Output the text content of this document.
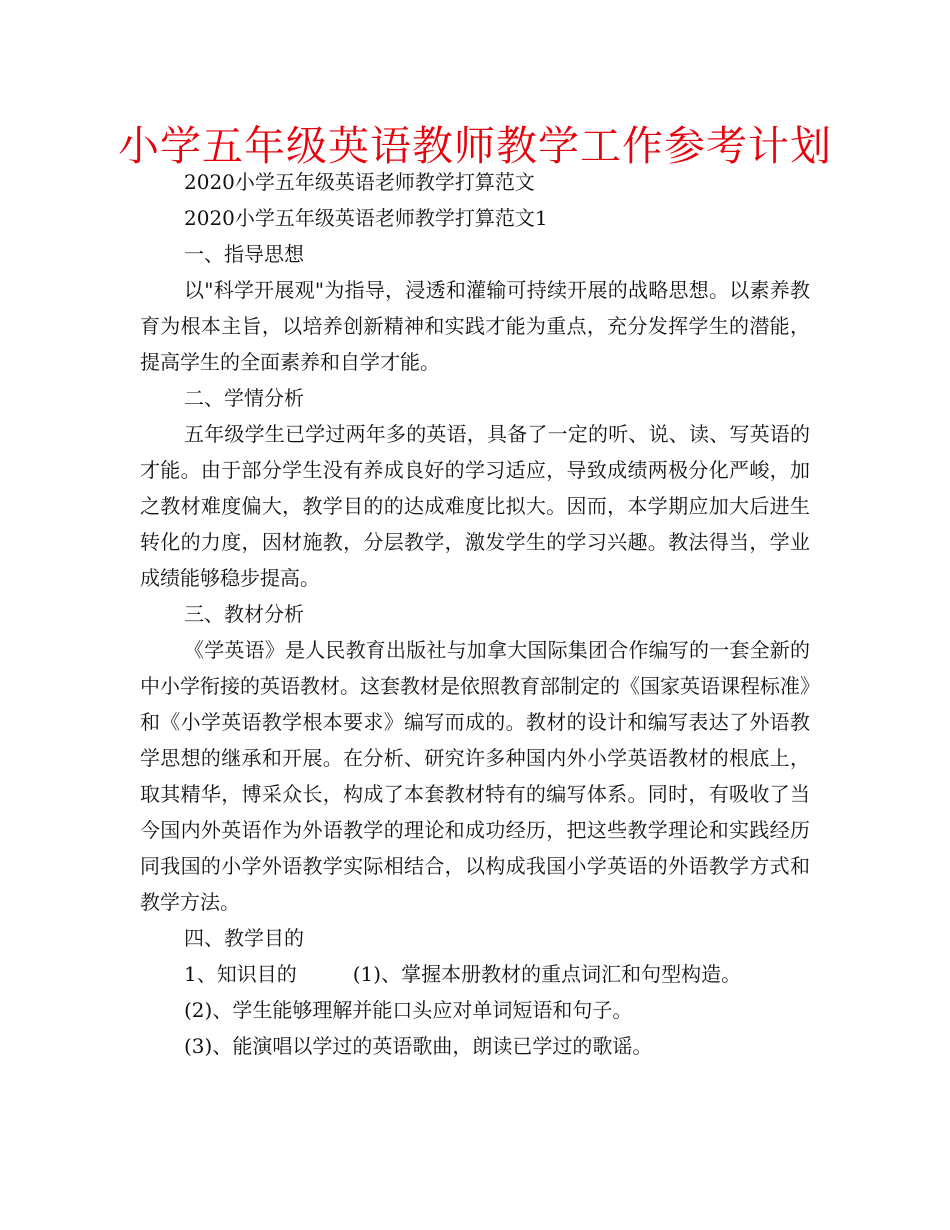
小学五年级英语教师教学工作参考计划

2020小学五年级英语老师教学打算范文

2020小学五年级英语老师教学打算范文1

一、指导思想

以"科学开展观"为指导，浸透和灌输可持续开展的战略思想。以素养教育为根本主旨，以培养创新精神和实践才能为重点，充分发挥学生的潜能，提高学生的全面素养和自学才能。

二、学情分析

五年级学生已学过两年多的英语，具备了一定的听、说、读、写英语的才能。由于部分学生没有养成良好的学习适应，导致成绩两极分化严峻，加之教材难度偏大，教学目的的达成难度比拟大。因而，本学期应加大后进生转化的力度，因材施教，分层教学，激发学生的学习兴趣。教法得当，学业成绩能够稳步提高。

三、教材分析

《学英语》是人民教育出版社与加拿大国际集团合作编写的一套全新的中小学衔接的英语教材。这套教材是依照教育部制定的《国家英语课程标准》和《小学英语教学根本要求》编写而成的。教材的设计和编写表达了外语教学思想的继承和开展。在分析、研究许多种国内外小学英语教材的根底上，取其精华，博采众长，构成了本套教材特有的编写体系。同时，有吸收了当今国内外英语作为外语教学的理论和成功经历，把这些教学理论和实践经历同我国的小学外语教学实际相结合，以构成我国小学英语的外语教学方式和教学方法。

四、教学目的

1、知识目的	(1)、掌握本册教材的重点词汇和句型构造。

(2)、学生能够理解并能口头应对单词短语和句子。

(3)、能演唱以学过的英语歌曲，朗读已学过的歌谣。
